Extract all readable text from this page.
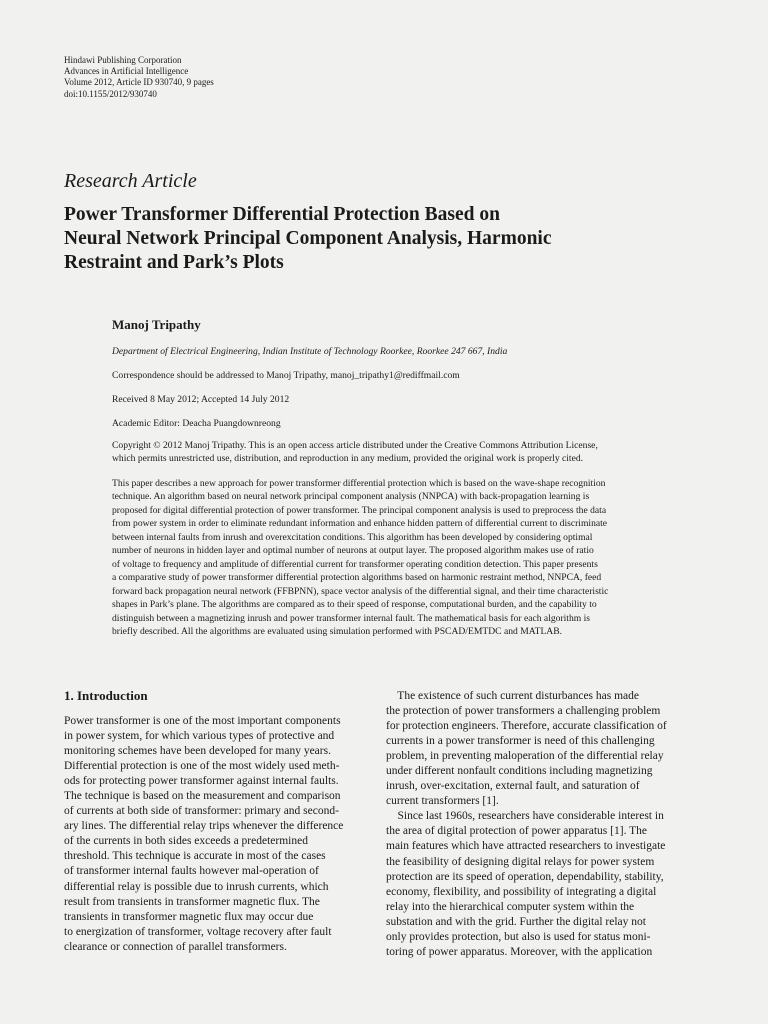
Hindawi Publishing Corporation
Advances in Artificial Intelligence
Volume 2012, Article ID 930740, 9 pages
doi:10.1155/2012/930740
Research Article
Power Transformer Differential Protection Based on
Neural Network Principal Component Analysis, Harmonic
Restraint and Park’s Plots
Manoj Tripathy
Department of Electrical Engineering, Indian Institute of Technology Roorkee, Roorkee 247 667, India
Correspondence should be addressed to Manoj Tripathy, manoj_tripathy1@rediffmail.com
Received 8 May 2012; Accepted 14 July 2012
Academic Editor: Deacha Puangdownreong
Copyright © 2012 Manoj Tripathy. This is an open access article distributed under the Creative Commons Attribution License,
which permits unrestricted use, distribution, and reproduction in any medium, provided the original work is properly cited.
This paper describes a new approach for power transformer differential protection which is based on the wave-shape recognition
technique. An algorithm based on neural network principal component analysis (NNPCA) with back-propagation learning is
proposed for digital differential protection of power transformer. The principal component analysis is used to preprocess the data
from power system in order to eliminate redundant information and enhance hidden pattern of differential current to discriminate
between internal faults from inrush and overexcitation conditions. This algorithm has been developed by considering optimal
number of neurons in hidden layer and optimal number of neurons at output layer. The proposed algorithm makes use of ratio
of voltage to frequency and amplitude of differential current for transformer operating condition detection. This paper presents
a comparative study of power transformer differential protection algorithms based on harmonic restraint method, NNPCA, feed
forward back propagation neural network (FFBPNN), space vector analysis of the differential signal, and their time characteristic
shapes in Park’s plane. The algorithms are compared as to their speed of response, computational burden, and the capability to
distinguish between a magnetizing inrush and power transformer internal fault. The mathematical basis for each algorithm is
briefly described. All the algorithms are evaluated using simulation performed with PSCAD/EMTDC and MATLAB.
1. Introduction
Power transformer is one of the most important components
in power system, for which various types of protective and
monitoring schemes have been developed for many years.
Differential protection is one of the most widely used meth-
ods for protecting power transformer against internal faults.
The technique is based on the measurement and comparison
of currents at both side of transformer: primary and second-
ary lines. The differential relay trips whenever the difference
of the currents in both sides exceeds a predetermined
threshold. This technique is accurate in most of the cases
of transformer internal faults however mal-operation of
differential relay is possible due to inrush currents, which
result from transients in transformer magnetic flux. The
transients in transformer magnetic flux may occur due
to energization of transformer, voltage recovery after fault
clearance or connection of parallel transformers.
The existence of such current disturbances has made
the protection of power transformers a challenging problem
for protection engineers. Therefore, accurate classification of
currents in a power transformer is need of this challenging
problem, in preventing maloperation of the differential relay
under different nonfault conditions including magnetizing
inrush, over-excitation, external fault, and saturation of
current transformers [1].
Since last 1960s, researchers have considerable interest in
the area of digital protection of power apparatus [1]. The
main features which have attracted researchers to investigate
the feasibility of designing digital relays for power system
protection are its speed of operation, dependability, stability,
economy, flexibility, and possibility of integrating a digital
relay into the hierarchical computer system within the
substation and with the grid. Further the digital relay not
only provides protection, but also is used for status moni-
toring of power apparatus. Moreover, with the application
